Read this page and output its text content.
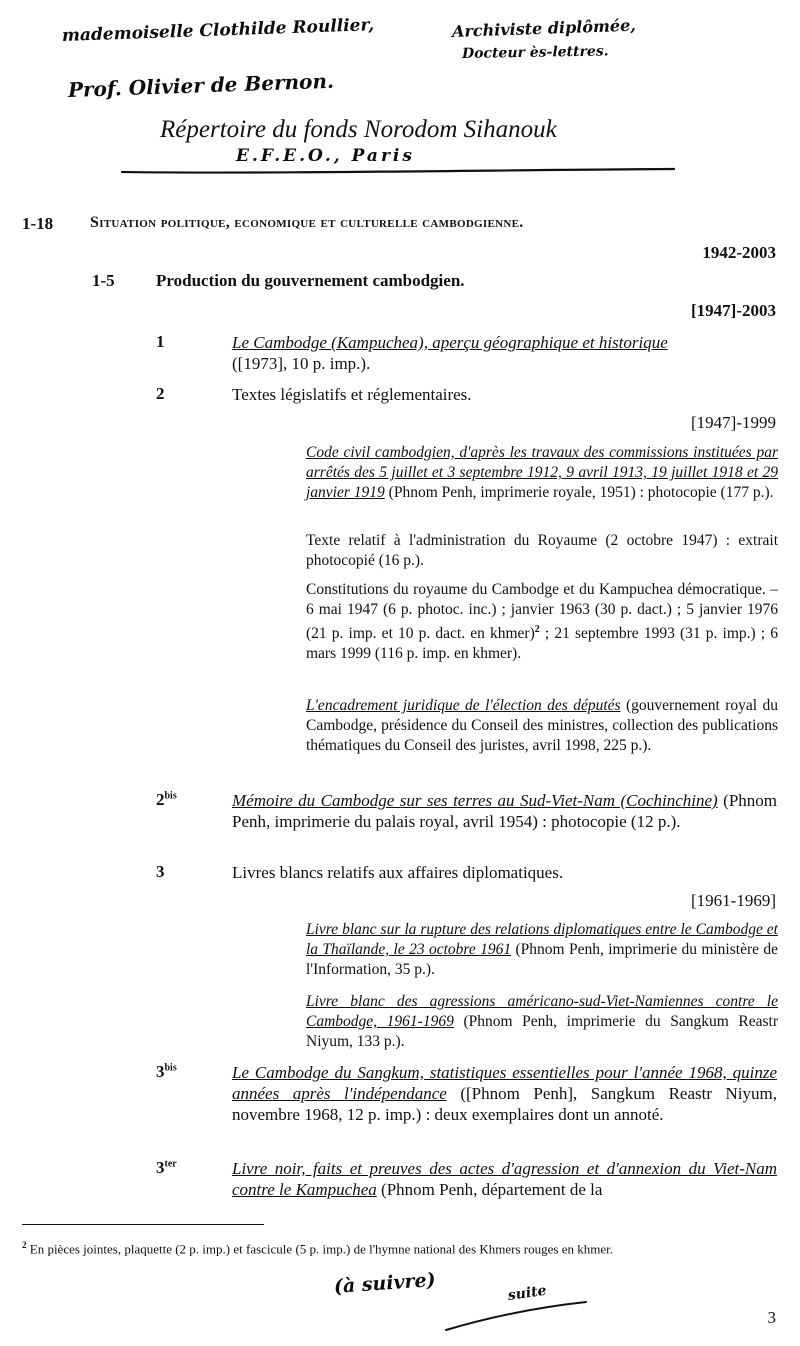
mademoiselle Clothilde Roullier,	Archiviste diplômée,
Docteur ès-lettres.
Prof. Olivier de Bernon.
Répertoire du fonds Norodom Sihanouk
E.F.E.O., Paris
1-18 Situation politique, economique et culturelle cambodgienne.
1942-2003
1-5 Production du gouvernement cambodgien.
[1947]-2003
1	Le Cambodge (Kampuchea), aperçu géographique et historique
([1973], 10 p. imp.).
2	Textes législatifs et réglementaires.
[1947]-1999
Code civil cambodgien, d'après les travaux des commissions instituées par arrêtés des 5 juillet et 3 septembre 1912, 9 avril 1913, 19 juillet 1918 et 29 janvier 1919 (Phnom Penh, imprimerie royale, 1951) : photocopie (177 p.).
Texte relatif à l'administration du Royaume (2 octobre 1947) : extrait photocopié (16 p.).
Constitutions du royaume du Cambodge et du Kampuchea démocratique. – 6 mai 1947 (6 p. photoc. inc.) ; janvier 1963 (30 p. dact.) ; 5 janvier 1976 (21 p. imp. et 10 p. dact. en khmer)$^2$ ; 21 septembre 1993 (31 p. imp.) ; 6 mars 1999 (116 p. imp. en khmer).
L'encadrement juridique de l'élection des députés (gouvernement royal du Cambodge, présidence du Conseil des ministres, collection des publications thématiques du Conseil des juristes, avril 1998, 225 p.).
$2^{bis}$	Mémoire du Cambodge sur ses terres au Sud-Viet-Nam (Cochinchine) (Phnom Penh, imprimerie du palais royal, avril 1954) : photocopie (12 p.).
3	Livres blancs relatifs aux affaires diplomatiques.
[1961-1969]
Livre blanc sur la rupture des relations diplomatiques entre le Cambodge et la Thaïlande, le 23 octobre 1961 (Phnom Penh, imprimerie du ministère de l'Information, 35 p.).
Livre blanc des agressions américano-sud-Viet-Namiennes contre le Cambodge, 1961-1969 (Phnom Penh, imprimerie du Sangkum Reastr Niyum, 133 p.).
$3^{bis}$	Le Cambodge du Sangkum, statistiques essentielles pour l'année 1968, quinze années après l'indépendance ([Phnom Penh], Sangkum Reastr Niyum, novembre 1968, 12 p. imp.) : deux exemplaires dont un annoté.
$3^{ter}$	Livre noir, faits et preuves des actes d'agression et d'annexion du Viet-Nam contre le Kampuchea (Phnom Penh, département de la
$^2$ En pièces jointes, plaquette (2 p. imp.) et fascicule (5 p. imp.) de l'hymne national des Khmers rouges en khmer.
(à suivre)	suite
3
